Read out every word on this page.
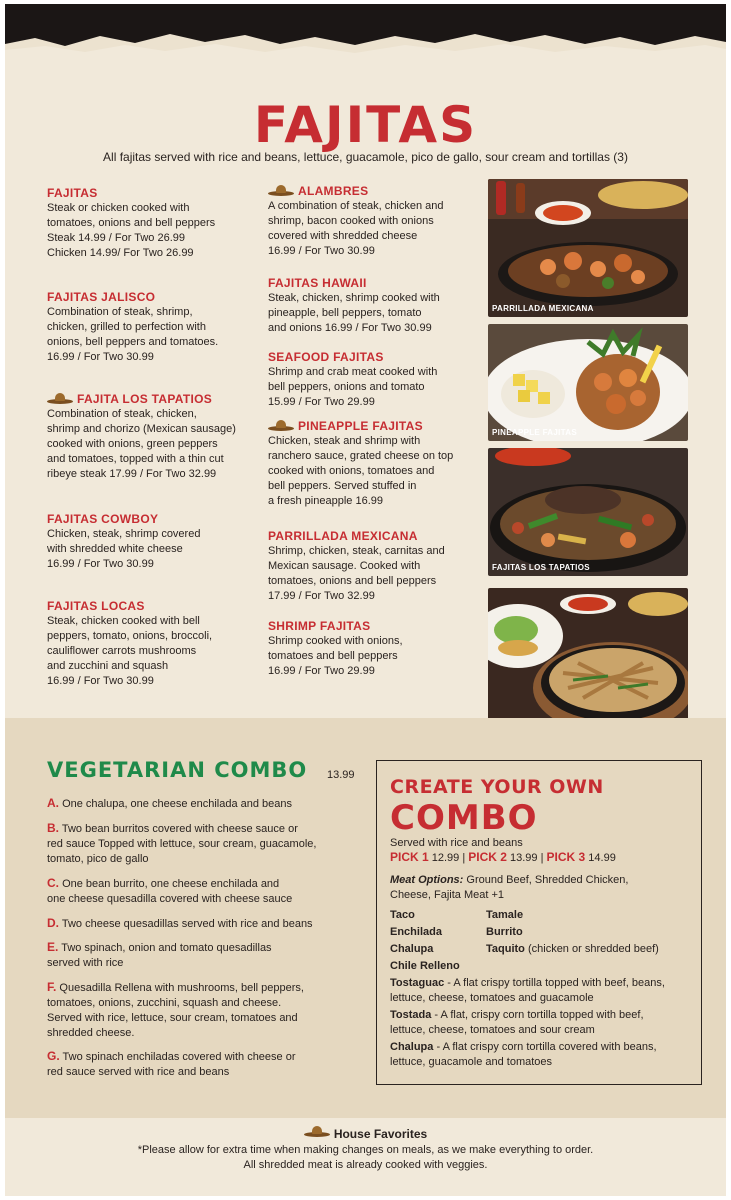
FAJITAS
All fajitas served with rice and beans, lettuce, guacamole, pico de gallo, sour cream and tortillas (3)
FAJITAS

Steak or chicken cooked with
tomatoes, onions and bell peppers
Steak 14.99 / For Two 26.99
Chicken 14.99/ For Two 26.99

FAJITAS JALISCO

Combination of steak, shrimp,
chicken, grilled to perfection with
onions, bell peppers and tomatoes.
16.99 / For Two 30.99

FAJITA LOS TAPATIOS

Combination of steak, chicken,
shrimp and chorizo (Mexican sausage)
cooked with onions, green peppers
and tomatoes, topped with a thin cut
ribeye steak 17.99 / For Two 32.99

FAJITAS COWBOY

Chicken, steak, shrimp covered
with shredded white cheese
16.99 / For Two 30.99

FAJITAS LOCAS

Steak, chicken cooked with bell
peppers, tomato, onions, broccoli,
cauliflower carrots mushrooms
and zucchini and squash
16.99 / For Two 30.99

ALAMBRES

A combination of steak, chicken and
shrimp, bacon cooked with onions
covered with shredded cheese
16.99 / For Two 30.99

FAJITAS HAWAII

Steak, chicken, shrimp cooked with
pineapple, bell peppers, tomato
and onions 16.99 / For Two 30.99

SEAFOOD FAJITAS

Shrimp and crab meat cooked with
bell peppers, onions and tomato
15.99 / For Two 29.99

PINEAPPLE FAJITAS

Chicken, steak and shrimp with
ranchero sauce, grated cheese on top
cooked with onions, tomatoes and
bell peppers. Served stuffed in
a fresh pineapple 16.99

PARRILLADA MEXICANA

Shrimp, chicken, steak, carnitas and
Mexican sausage. Cooked with
tomatoes, onions and bell peppers
17.99 / For Two 32.99

SHRIMP FAJITAS

Shrimp cooked with onions,
tomatoes and bell peppers
16.99 / For Two 29.99

PARRILLADA MEXICANA
PINEAPPLE FAJITAS
FAJITAS LOS TAPATIOS
VEGETARIAN COMBO 13.99
A. One chalupa, one cheese enchilada and beans
B. Two bean burritos covered with cheese sauce or
red sauce Topped with lettuce, sour cream, guacamole,
tomato, pico de gallo
C. One bean burrito, one cheese enchilada and
one cheese quesadilla covered with cheese sauce
D. Two cheese quesadillas served with rice and beans
E. Two spinach, onion and tomato quesadillas
served with rice
F. Quesadilla Rellena with mushrooms, bell peppers,
tomatoes, onions, zucchini, squash and cheese.
Served with rice, lettuce, sour cream, tomatoes and
shredded cheese.
G. Two spinach enchiladas covered with cheese or
red sauce served with rice and beans
CREATE YOUR OWN
COMBO
Served with rice and beans
PICK 1 12.99 | PICK 2 13.99 | PICK 3 14.99
Meat Options: Ground Beef, Shredded Chicken,
Cheese, Fajita Meat +1
Taco
Enchilada
Chalupa
Chile Relleno
Tamale
Burrito
Taquito (chicken or shredded beef)
Tostaguac - A flat crispy tortilla topped with beef, beans,
lettuce, cheese, tomatoes and guacamole
Tostada - A flat, crispy corn tortilla topped with beef,
lettuce, cheese, tomatoes and sour cream
Chalupa - A flat crispy corn tortilla covered with beans,
lettuce, guacamole and tomatoes
House Favorites
*Please allow for extra time when making changes on meals, as we make everything to order.
All shredded meat is already cooked with veggies.
